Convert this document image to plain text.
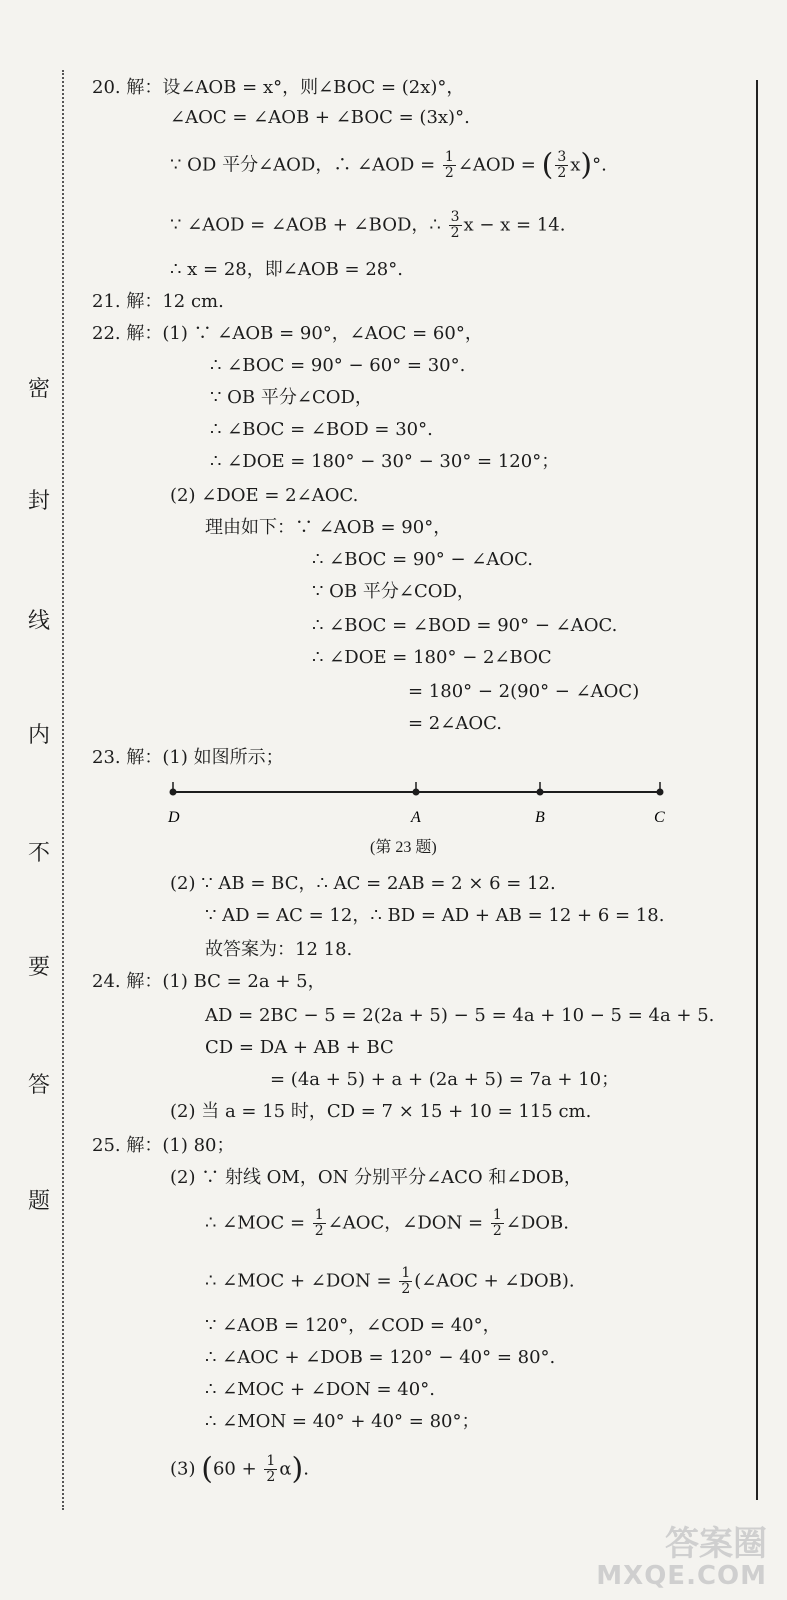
密
封
线
内
不
要
答
题
20. 解：设∠AOB = x°，则∠BOC = (2x)°，
∠AOC = ∠AOB + ∠BOC = (3x)°.
∵ OD 平分∠AOD，∴ ∠AOD = $\frac{1}{2}$ ∠AOD = ( $\frac{3}{2} x)^\circ$.
∵ ∠AOD = ∠AOB + ∠BOD，∴ $\frac{3}{2}$ x − x = 14.
∴ x = 28，即∠AOB = 28°.
21. 解：12 cm.
22. 解：(1) ∵ ∠AOB = 90°，∠AOC = 60°，
∴ ∠BOC = 90° − 60° = 30°.
∵ OB 平分∠COD，
∴ ∠BOC = ∠BOD = 30°.
∴ ∠DOE = 180° − 30° − 30° = 120°；
(2) ∠DOE = 2∠AOC.
理由如下：∵ ∠AOB = 90°，
∴ ∠BOC = 90° − ∠AOC.
∵ OB 平分∠COD，
∴ ∠BOC = ∠BOD = 90° − ∠AOC.
∴ ∠DOE = 180° − 2∠BOC
= 180° − 2(90° − ∠AOC)
= 2∠AOC.
23. 解：(1) 如图所示；
D	A	B	C
(第 23 题)
(2) ∵ AB = BC，∴ AC = 2AB = 2 × 6 = 12.
∵ AD = AC = 12，∴ BD = AD + AB = 12 + 6 = 18.
故答案为：12 18.
24. 解：(1) BC = 2a + 5，
AD = 2BC − 5 = 2(2a + 5) − 5 = 4a + 10 − 5 = 4a + 5.
CD = DA + AB + BC
= (4a + 5) + a + (2a + 5) = 7a + 10；
(2) 当 a = 15 时，CD = 7 × 15 + 10 = 115 cm.
25. 解：(1) 80；
(2) ∵ 射线 OM，ON 分别平分∠ACO 和∠DOB，
∴ ∠MOC = $\frac{1}{2}$ ∠AOC，∠DON = $\frac{1}{2}$ ∠DOB.
∴ ∠MOC + ∠DON = $\frac{1}{2}$ (∠AOC + ∠DOB).
∵ ∠AOB = 120°，∠COD = 40°，
∴ ∠AOC + ∠DOB = 120° − 40° = 80°.
∴ ∠MOC + ∠DON = 40°.
∴ ∠MON = 40° + 40° = 80°；
(3) $(60 + \frac{1}{2} \alpha)$.
答案圈
MXQE.COM
